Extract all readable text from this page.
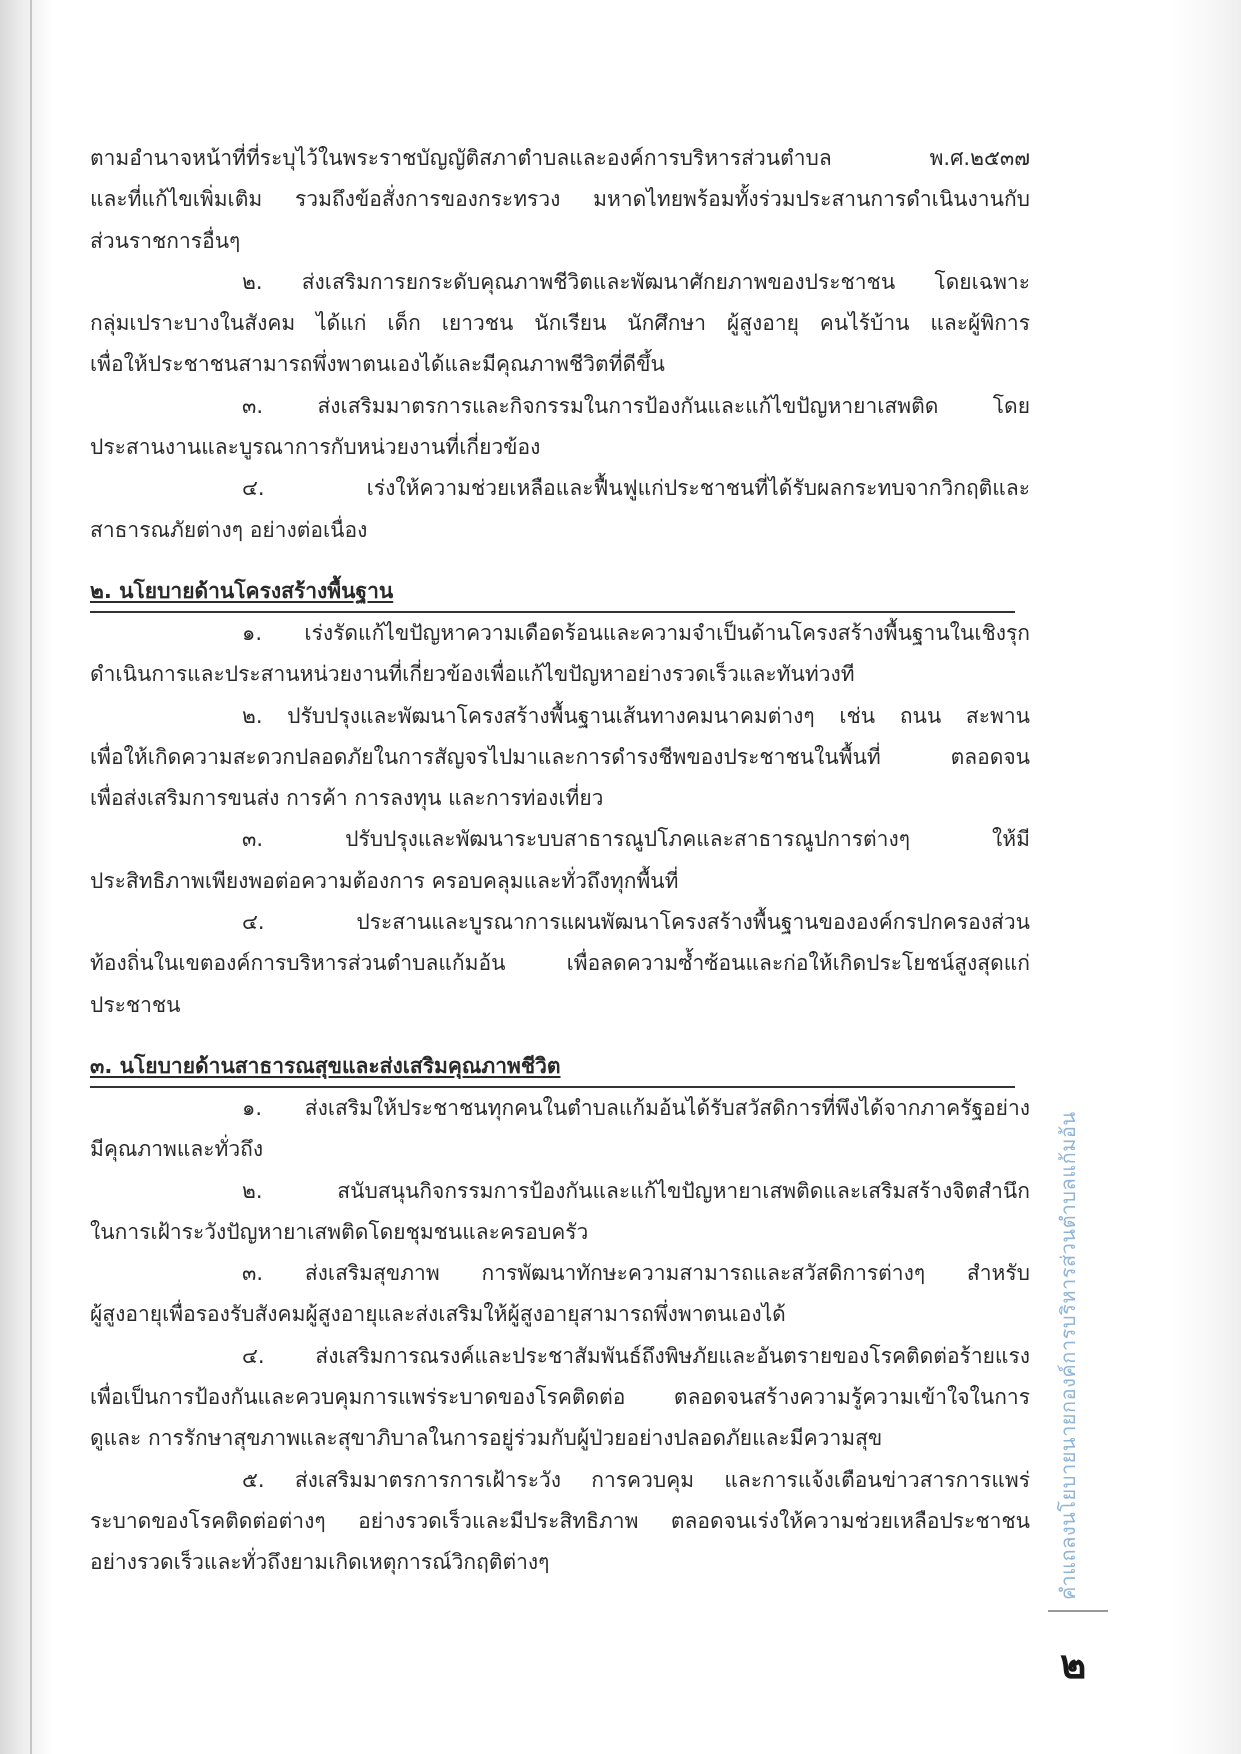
ตามอำนาจหน้าที่ที่ระบุไว้ในพระราชบัญญัติสภาตำบลและองค์การบริหารส่วนตำบล พ.ศ.๒๕๓๗

และที่แก้ไขเพิ่มเติม รวมถึงข้อสั่งการของกระทรวง มหาดไทยพร้อมทั้งร่วมประสานการดำเนินงานกับ

ส่วนราชการอื่นๆ

๒. ส่งเสริมการยกระดับคุณภาพชีวิตและพัฒนาศักยภาพของประชาชน โดยเฉพาะ

กลุ่มเปราะบางในสังคม ได้แก่ เด็ก เยาวชน นักเรียน นักศึกษา ผู้สูงอายุ คนไร้บ้าน และผู้พิการ

เพื่อให้ประชาชนสามารถพึ่งพาตนเองได้และมีคุณภาพชีวิตที่ดีขึ้น

๓. ส่งเสริมมาตรการและกิจกรรมในการป้องกันและแก้ไขปัญหายาเสพติด โดย

ประสานงานและบูรณาการกับหน่วยงานที่เกี่ยวข้อง

๔. เร่งให้ความช่วยเหลือและฟื้นฟูแก่ประชาชนที่ได้รับผลกระทบจากวิกฤติและ

สาธารณภัยต่างๆ อย่างต่อเนื่อง

๒. นโยบายด้านโครงสร้างพื้นฐาน

๑. เร่งรัดแก้ไขปัญหาความเดือดร้อนและความจำเป็นด้านโครงสร้างพื้นฐานในเชิงรุก

ดำเนินการและประสานหน่วยงานที่เกี่ยวข้องเพื่อแก้ไขปัญหาอย่างรวดเร็วและทันท่วงที

๒. ปรับปรุงและพัฒนาโครงสร้างพื้นฐานเส้นทางคมนาคมต่างๆ เช่น ถนน สะพาน

เพื่อให้เกิดความสะดวกปลอดภัยในการสัญจรไปมาและการดำรงชีพของประชาชนในพื้นที่ ตลอดจน

เพื่อส่งเสริมการขนส่ง การค้า การลงทุน และการท่องเที่ยว

๓. ปรับปรุงและพัฒนาระบบสาธารณูปโภคและสาธารณูปการต่างๆ ให้มี

ประสิทธิภาพเพียงพอต่อความต้องการ ครอบคลุมและทั่วถึงทุกพื้นที่

๔. ประสานและบูรณาการแผนพัฒนาโครงสร้างพื้นฐานขององค์กรปกครองส่วน

ท้องถิ่นในเขตองค์การบริหารส่วนตำบลแก้มอ้น เพื่อลดความซ้ำซ้อนและก่อให้เกิดประโยชน์สูงสุดแก่

ประชาชน

๓. นโยบายด้านสาธารณสุขและส่งเสริมคุณภาพชีวิต

๑. ส่งเสริมให้ประชาชนทุกคนในตำบลแก้มอ้นได้รับสวัสดิการที่พึงได้จากภาครัฐอย่าง

มีคุณภาพและทั่วถึง

๒. สนับสนุนกิจกรรมการป้องกันและแก้ไขปัญหายาเสพติดและเสริมสร้างจิตสำนึก

ในการเฝ้าระวังปัญหายาเสพติดโดยชุมชนและครอบครัว

๓. ส่งเสริมสุขภาพ การพัฒนาทักษะความสามารถและสวัสดิการต่างๆ สำหรับ

ผู้สูงอายุเพื่อรองรับสังคมผู้สูงอายุและส่งเสริมให้ผู้สูงอายุสามารถพึ่งพาตนเองได้

๔. ส่งเสริมการณรงค์และประชาสัมพันธ์ถึงพิษภัยและอันตรายของโรคติดต่อร้ายแรง

เพื่อเป็นการป้องกันและควบคุมการแพร่ระบาดของโรคติดต่อ ตลอดจนสร้างความรู้ความเข้าใจในการ

ดูและ การรักษาสุขภาพและสุขาภิบาลในการอยู่ร่วมกับผู้ป่วยอย่างปลอดภัยและมีความสุข

๕. ส่งเสริมมาตรการการเฝ้าระวัง การควบคุม และการแจ้งเตือนข่าวสารการแพร่

ระบาดของโรคติดต่อต่างๆ อย่างรวดเร็วและมีประสิทธิภาพ ตลอดจนเร่งให้ความช่วยเหลือประชาชน

อย่างรวดเร็วและทั่วถึงยามเกิดเหตุการณ์วิกฤติต่างๆ	คำแถลงนโยบายนายกองค์การบริหารส่วนตำบลแก้มอ้น
๒
